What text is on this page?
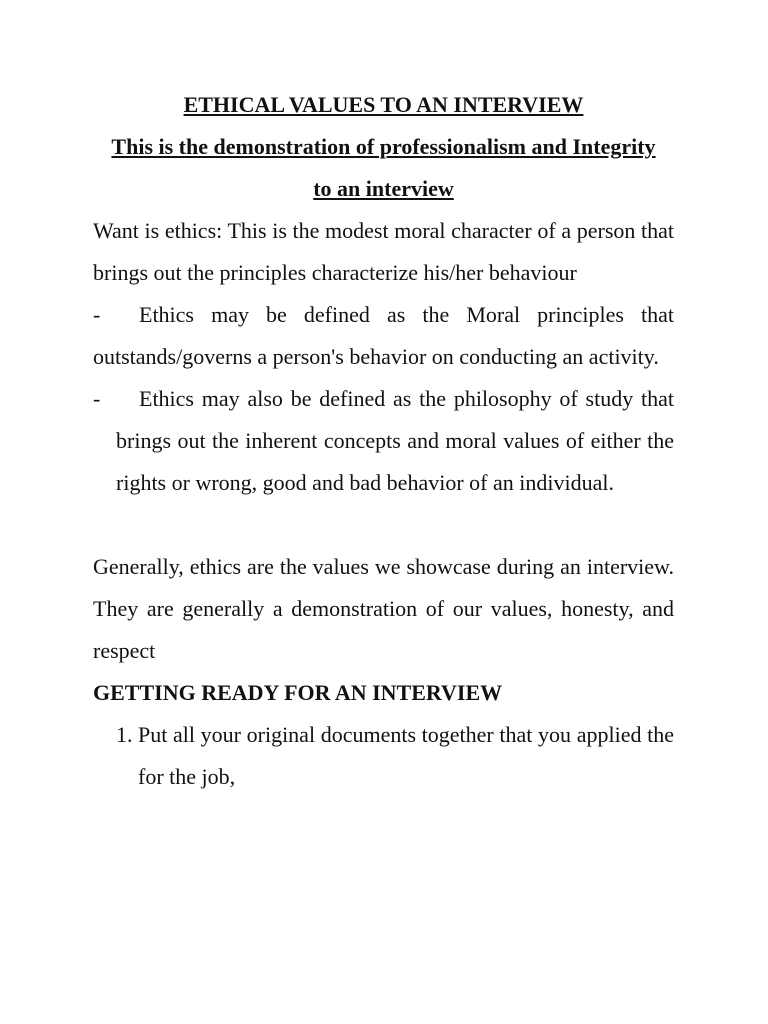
ETHICAL VALUES TO AN INTERVIEW

This is the demonstration of professionalism and Integrity to an interview

Want is ethics: This is the modest moral character of a person that brings out the principles characterize his/her behaviour

-	Ethics may be defined as the Moral principles that outstands/governs a person's behavior on conducting an activity.
-	Ethics may also be defined as the philosophy of study that brings out the inherent concepts and moral values of either the rights or wrong, good and bad behavior of an individual.

Generally, ethics are the values we showcase during an interview. They are generally a demonstration of our values, honesty, and respect

GETTING READY FOR AN INTERVIEW

1. Put all your original documents together that you applied the for the job,
